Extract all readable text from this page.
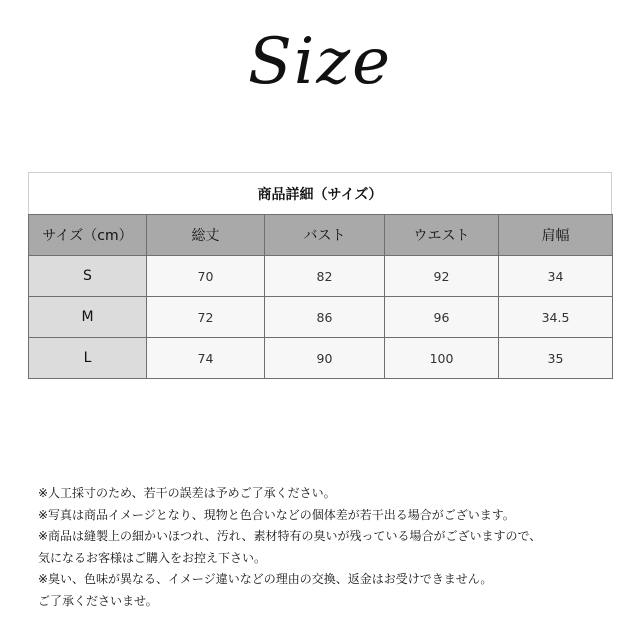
Size
商品詳細（サイズ）
サイズ（cm）	総丈	バスト	ウエスト	肩幅
S	70	82	92	34
M	72	86	96	34.5
L	74	90	100	35
※人工採寸のため、若干の誤差は予めご了承ください。
※写真は商品イメージとなり、現物と色合いなどの個体差が若干出る場合がございます。
※商品は縫製上の細かいほつれ、汚れ、素材特有の臭いが残っている場合がございますので、
気になるお客様はご購入をお控え下さい。
※臭い、色味が異なる、イメージ違いなどの理由の交換、返金はお受けできません。
ご了承くださいませ。
